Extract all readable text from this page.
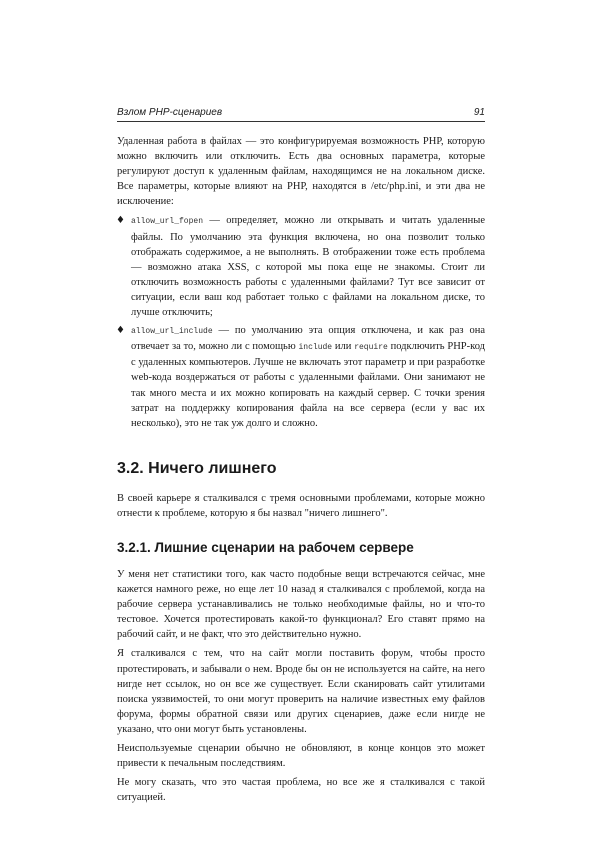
Взлом PHP-сценариев	91

Удаленная работа в файлах — это конфигурируемая возможность PHP, которую можно включить или отключить. Есть два основных параметра, которые регулируют доступ к удаленным файлам, находящимся не на локальном диске. Все параметры, которые влияют на PHP, находятся в /etc/php.ini, и эти два не исключение:

♦ allow_url_fopen — определяет, можно ли открывать и читать удаленные файлы. По умолчанию эта функция включена, но она позволит только отображать содержимое, а не выполнять. В отображении тоже есть проблема — возможно атака XSS, с которой мы пока еще не знакомы. Стоит ли отключить возможность работы с удаленными файлами? Тут все зависит от ситуации, если ваш код работает только с файлами на локальном диске, то лучше отключить;
♦ allow_url_include — по умолчанию эта опция отключена, и как раз она отвечает за то, можно ли с помощью include или require подключить PHP-код с удаленных компьютеров. Лучше не включать этот параметр и при разработке web-кода воздержаться от работы с удаленными файлами. Они занимают не так много места и их можно копировать на каждый сервер. С точки зрения затрат на поддержку копирования файла на все сервера (если у вас их несколько), это не так уж долго и сложно.
3.2. Ничего лишнего

В своей карьере я сталкивался с тремя основными проблемами, которые можно отнести к проблеме, которую я бы назвал "ничего лишнего".

3.2.1. Лишние сценарии на рабочем сервере

У меня нет статистики того, как часто подобные вещи встречаются сейчас, мне кажется намного реже, но еще лет 10 назад я сталкивался с проблемой, когда на рабочие сервера устанавливались не только необходимые файлы, но и что-то тестовое. Хочется протестировать какой-то функционал? Его ставят прямо на рабочий сайт, и не факт, что это действительно нужно.

Я сталкивался с тем, что на сайт могли поставить форум, чтобы просто протестировать, и забывали о нем. Вроде бы он не используется на сайте, на него нигде нет ссылок, но он все же существует. Если сканировать сайт утилитами поиска уязвимостей, то они могут проверить на наличие известных ему файлов форума, формы обратной связи или других сценариев, даже если нигде не указано, что они могут быть установлены.

Неиспользуемые сценарии обычно не обновляют, в конце концов это может привести к печальным последствиям.

Не могу сказать, что это частая проблема, но все же я сталкивался с такой ситуацией.
